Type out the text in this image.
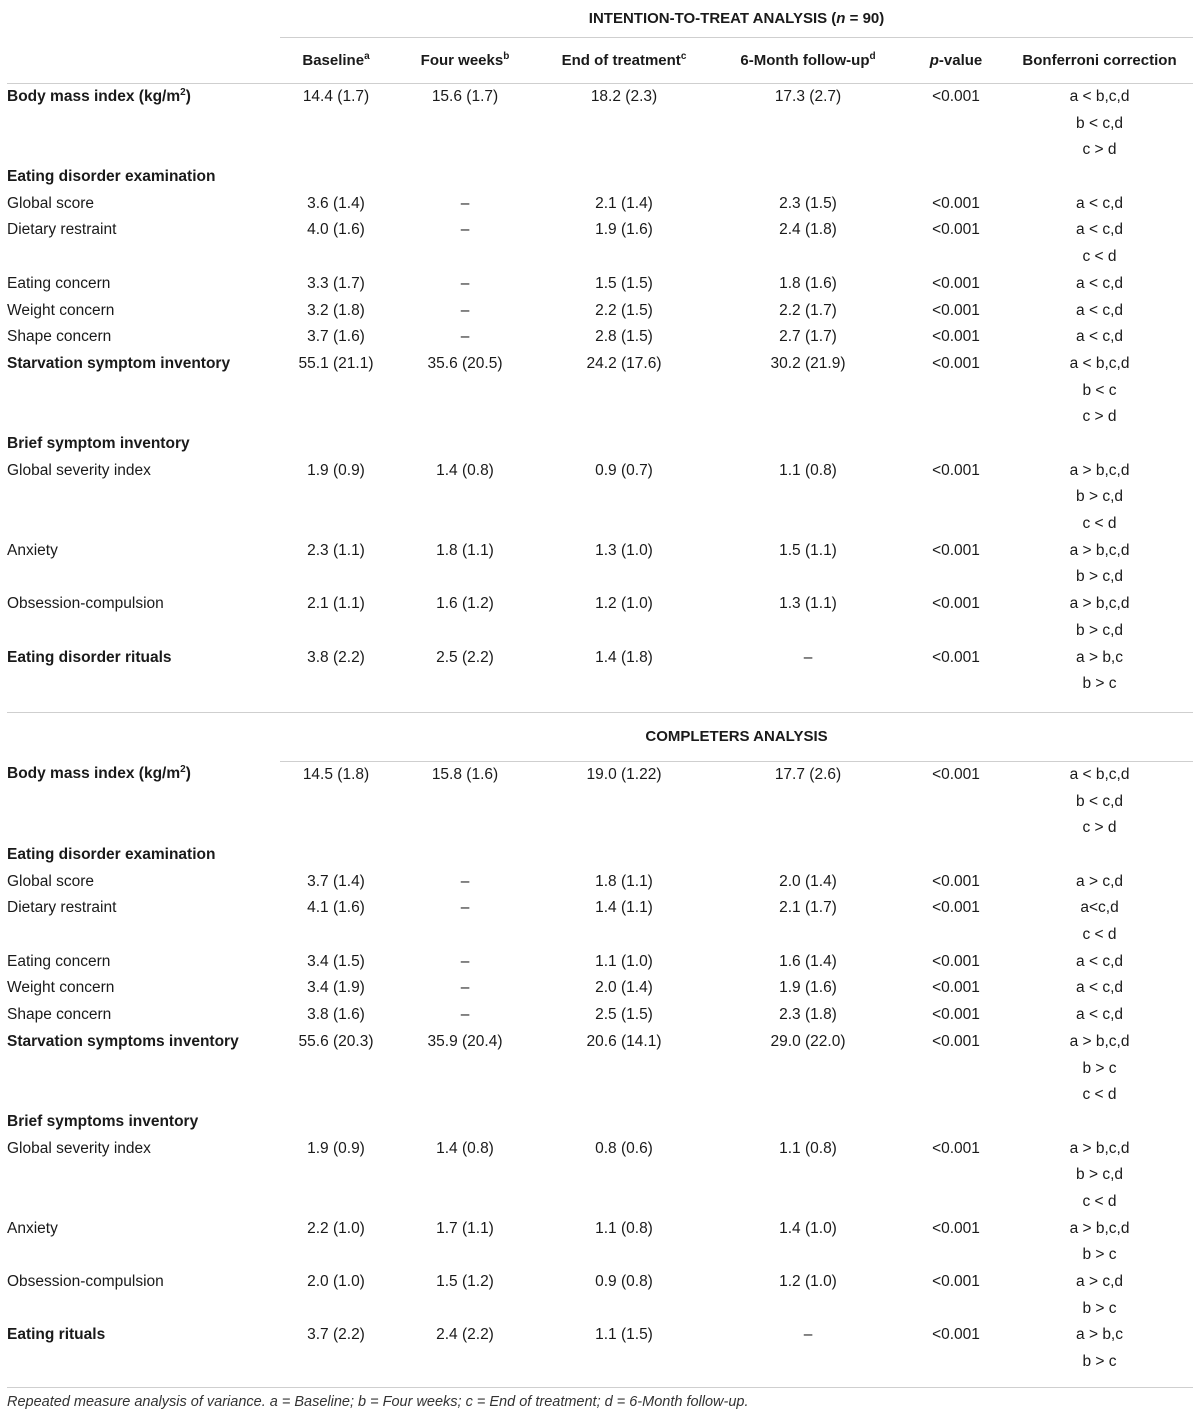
	INTENTION-TO-TREAT ANALYSIS (n = 90)					
	Baseline$^a$	Four weeks$^b$	End of treatment$^c$	6-Month follow-$up^d$	p-value	Bonferroni correction
Body mass index $(kg/m^2)$	14.4 (1.7)	15.6 (1.7)	18.2 (2.3)	17.3 (2.7)	<0.001	a < b,c,d
b < c,d
c > d

Eating disorder examination						
Global score	3.6 (1.4)	–	2.1 (1.4)	2.3 (1.5)	<0.001	a < c,d

Dietary restraint	4.0 (1.6)	–	1.9 (1.6)	2.4 (1.8)	<0.001	a < c,d
c < d

Eating concern	3.3 (1.7)	–	1.5 (1.5)	1.8 (1.6)	<0.001	a < c,d

Weight concern	3.2 (1.8)	–	2.2 (1.5)	2.2 (1.7)	<0.001	a < c,d

Shape concern	3.7 (1.6)	–	2.8 (1.5)	2.7 (1.7)	<0.001	a < c,d

Starvation symptom inventory	55.1 (21.1)	35.6 (20.5)	24.2 (17.6)	30.2 (21.9)	<0.001	a < b,c,d
b < c
c > d

Brief symptom inventory						
Global severity index	1.9 (0.9)	1.4 (0.8)	0.9 (0.7)	1.1 (0.8)	<0.001	a > b,c,d
b > c,d
c < d

Anxiety	2.3 (1.1)	1.8 (1.1)	1.3 (1.0)	1.5 (1.1)	<0.001	a > b,c,d
b > c,d

Obsession-compulsion	2.1 (1.1)	1.6 (1.2)	1.2 (1.0)	1.3 (1.1)	<0.001	a > b,c,d
b > c,d

Eating disorder rituals	3.8 (2.2)	2.5 (2.2)	1.4 (1.8)	–	<0.001	a > b,c
b > c

	COMPLETERS ANALYSIS					
Body mass index $(kg/m^2)$	14.5 (1.8)	15.8 (1.6)	19.0 (1.22)	17.7 (2.6)	<0.001	a < b,c,d
b < c,d
c > d

Eating disorder examination						
Global score	3.7 (1.4)	–	1.8 (1.1)	2.0 (1.4)	<0.001	a > c,d

Dietary restraint	4.1 (1.6)	–	1.4 (1.1)	2.1 (1.7)	<0.001	a<c,d
c < d

Eating concern	3.4 (1.5)	–	1.1 (1.0)	1.6 (1.4)	<0.001	a < c,d

Weight concern	3.4 (1.9)	–	2.0 (1.4)	1.9 (1.6)	<0.001	a < c,d

Shape concern	3.8 (1.6)	–	2.5 (1.5)	2.3 (1.8)	<0.001	a < c,d

Starvation symptoms inventory	55.6 (20.3)	35.9 (20.4)	20.6 (14.1)	29.0 (22.0)	<0.001	a > b,c,d
b > c
c < d

Brief symptoms inventory						
Global severity index	1.9 (0.9)	1.4 (0.8)	0.8 (0.6)	1.1 (0.8)	<0.001	a > b,c,d
b > c,d
c < d

Anxiety	2.2 (1.0)	1.7 (1.1)	1.1 (0.8)	1.4 (1.0)	<0.001	a > b,c,d
b > c

Obsession-compulsion	2.0 (1.0)	1.5 (1.2)	0.9 (0.8)	1.2 (1.0)	<0.001	a > c,d
b > c

Eating rituals	3.7 (2.2)	2.4 (2.2)	1.1 (1.5)	–	<0.001	a > b,c
b > c
Repeated measure analysis of variance. a = Baseline; b = Four weeks; c = End of treatment; d = 6-Month follow-up.
